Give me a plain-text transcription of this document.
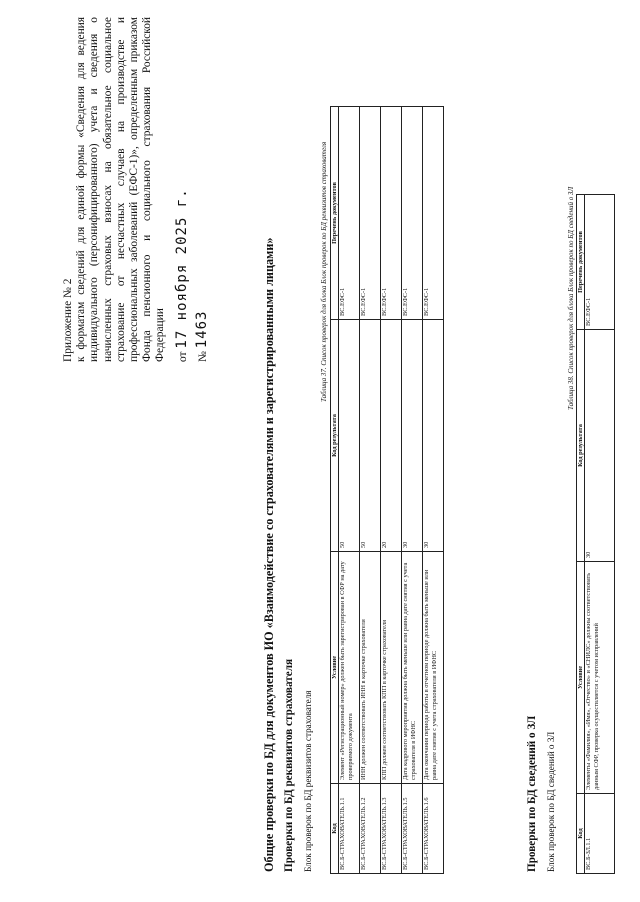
Приложение № 2 к форматам сведений для единой формы «Сведения для ведения индивидуального (персонифицированного) учета и сведения о начисленных страховых взносах на обязательное социальное страхование от несчастных случаев на производстве и профессиональных заболеваний (ЕФС-1)», определенным приказом Фонда пенсионного и социального страхования Российской Федерации от 17 ноября 2025 г.
№ 1463	Общие проверки по БД для документов ИО «Взаимодействие со страхователями и зарегистрированными лицами» Проверки по БД реквизитов страхователя Блок проверок по БД реквизитов страхователя
Таблица 37. Список проверок для блока Блок проверок по БД реквизитов страхователя
Код	Условие	Код результата	Перечень документов
ВС.Б-СТРАХОВАТЕЛЬ.1.1	Элемент «Регистрационный номер» должен быть зарегистрирован в СФР на дату проверяемого документа	50	ВС.ЕФС-1
ВС.Б-СТРАХОВАТЕЛЬ.1.2	ИНН должен соответствовать ИНН в карточке страхователя	50	ВС.ЕФС-1
ВС.Б-СТРАХОВАТЕЛЬ.1.3	КПП должен соответствовать КПП в карточке страхователя	20	ВС.ЕФС-1
ВС.Б-СТРАХОВАТЕЛЬ.1.5	Дата кадрового мероприятия должна быть меньше или равна дате снятия с учета страхователя в ИФНС	30	ВС.ЕФС-1
ВС.Б-СТРАХОВАТЕЛЬ.1.6	Дата окончания периода работы в отчетном периоде должна быть меньше или равна дате снятия с учета страхователя в ИФНС	30	ВС.ЕФС-1
Проверки по БД сведений о ЗЛ Блок проверок по БД сведений о ЗЛ
Таблица 38. Список проверок для блока Блок проверок по БД сведений о ЗЛ
Код	Условие	Код результата	Перечень документов
ВС.Б-ЗЛ.1.1	Элементы «Фамилия», «Имя», «Отчество» и «СНИЛС» должны соответствовать данным СФР, проверка осуществляется с учетом исправлений	30	ВС.ЕФС-1
